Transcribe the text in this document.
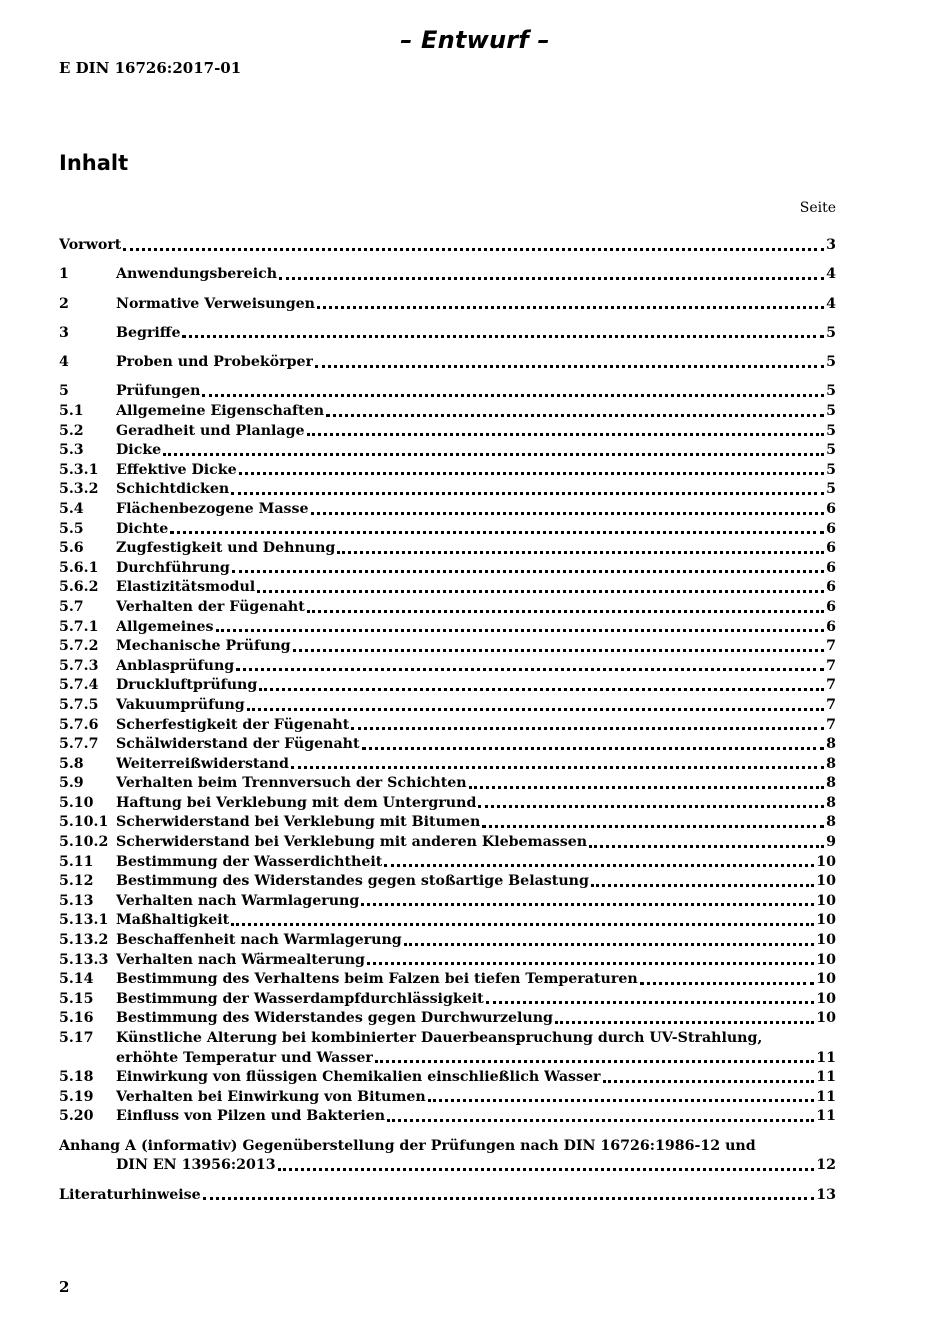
– Entwurf –
E DIN 16726:2017-01
Inhalt
Seite
Vorwort	3
1	Anwendungsbereich	4
2	Normative Verweisungen	4
3	Begriffe	5
4	Proben und Probekörper	5
5	Prüfungen	5
5.1	Allgemeine Eigenschaften	5
5.2	Geradheit und Planlage	5
5.3	Dicke	5
5.3.1	Effektive Dicke	5
5.3.2	Schichtdicken	5
5.4	Flächenbezogene Masse	6
5.5	Dichte	6
5.6	Zugfestigkeit und Dehnung	6
5.6.1	Durchführung	6
5.6.2	Elastizitätsmodul	6
5.7	Verhalten der Fügenaht	6
5.7.1	Allgemeines	6
5.7.2	Mechanische Prüfung	7
5.7.3	Anblasprüfung	7
5.7.4	Druckluftprüfung	7
5.7.5	Vakuumprüfung	7
5.7.6	Scherfestigkeit der Fügenaht	7
5.7.7	Schälwiderstand der Fügenaht	8
5.8	Weiterreißwiderstand	8
5.9	Verhalten beim Trennversuch der Schichten	8
5.10	Haftung bei Verklebung mit dem Untergrund	8
5.10.1 Scherwiderstand bei Verklebung mit Bitumen	8
5.10.2 Scherwiderstand bei Verklebung mit anderen Klebemassen	9
5.11	Bestimmung der Wasserdichtheit	10
5.12	Bestimmung des Widerstandes gegen stoßartige Belastung	10
5.13	Verhalten nach Warmlagerung	10
5.13.1 Maßhaltigkeit	10
5.13.2 Beschaffenheit nach Warmlagerung	10
5.13.3 Verhalten nach Wärmealterung	10
5.14	Bestimmung des Verhaltens beim Falzen bei tiefen Temperaturen	10
5.15	Bestimmung der Wasserdampfdurchlässigkeit	10
5.16	Bestimmung des Widerstandes gegen Durchwurzelung	10
5.17	Künstliche Alterung bei kombinierter Dauerbeanspruchung durch UV-Strahlung,
erhöhte Temperatur und Wasser	11
5.18	Einwirkung von flüssigen Chemikalien einschließlich Wasser	11
5.19	Verhalten bei Einwirkung von Bitumen	11
5.20	Einfluss von Pilzen und Bakterien	11
Anhang A (informativ) Gegenüberstellung der Prüfungen nach DIN 16726:1986-12 und
DIN EN 13956:2013	12
Literaturhinweise	13
2
